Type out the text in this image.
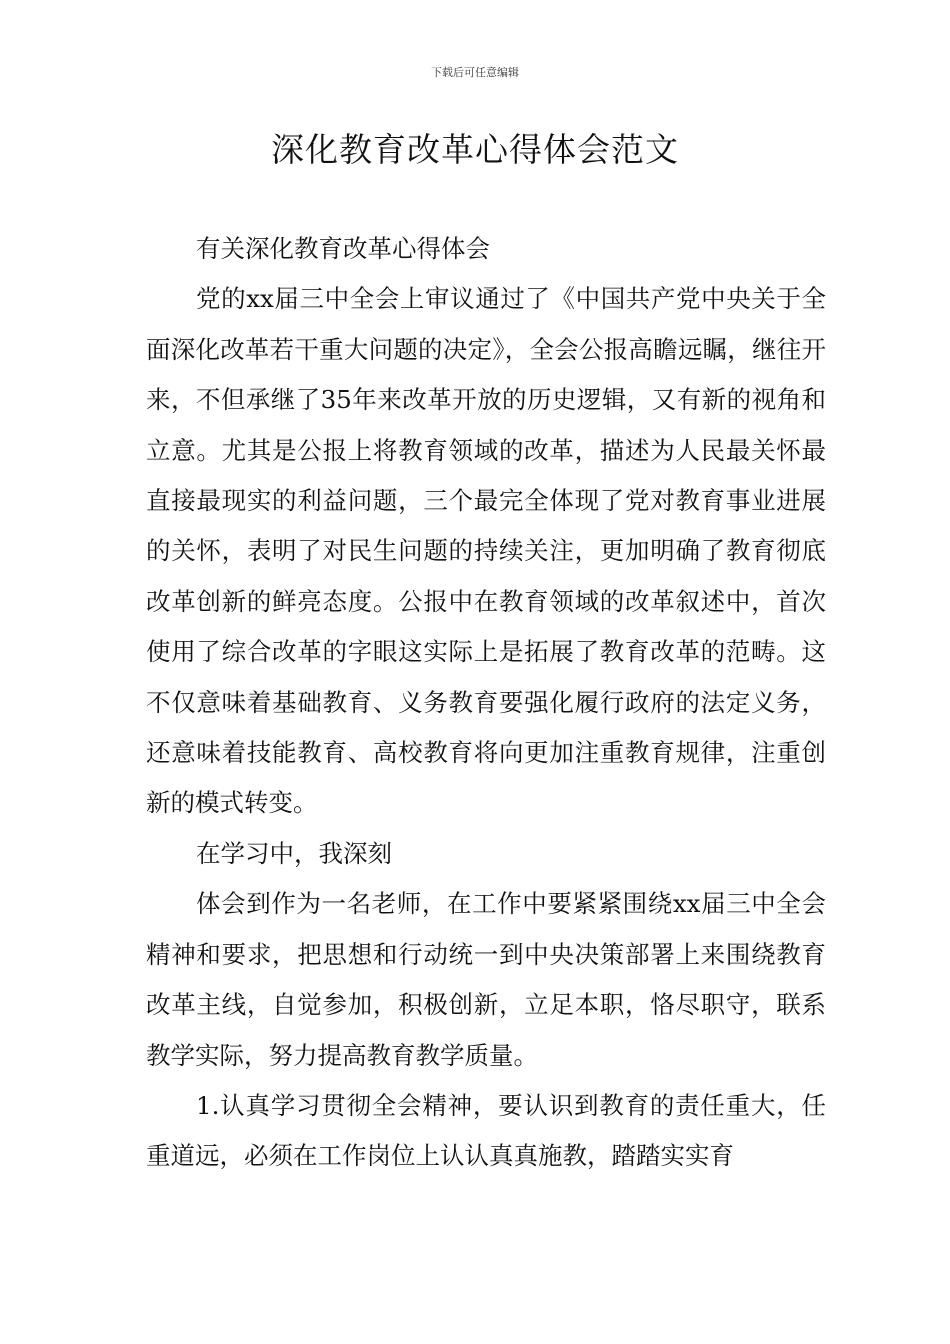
下载后可任意编辑
深化教育改革心得体会范文

有关深化教育改革心得体会

党的xx届三中全会上审议通过了《中国共产党中央关于全面深化改革若干重大问题的决定》，全会公报高瞻远瞩，继往开来，不但承继了35年来改革开放的历史逻辑，又有新的视角和立意。尤其是公报上将教育领域的改革，描述为人民最关怀最直接最现实的利益问题，三个最完全体现了党对教育事业进展的关怀，表明了对民生问题的持续关注，更加明确了教育彻底改革创新的鲜亮态度。公报中在教育领域的改革叙述中，首次使用了综合改革的字眼这实际上是拓展了教育改革的范畴。这不仅意味着基础教育、义务教育要强化履行政府的法定义务，还意味着技能教育、高校教育将向更加注重教育规律，注重创新的模式转变。

在学习中，我深刻

体会到作为一名老师，在工作中要紧紧围绕xx届三中全会精神和要求，把思想和行动统一到中央决策部署上来围绕教育改革主线，自觉参加，积极创新，立足本职，恪尽职守，联系教学实际，努力提高教育教学质量。

1.认真学习贯彻全会精神，要认识到教育的责任重大，任重道远，必须在工作岗位上认认真真施教，踏踏实实育
